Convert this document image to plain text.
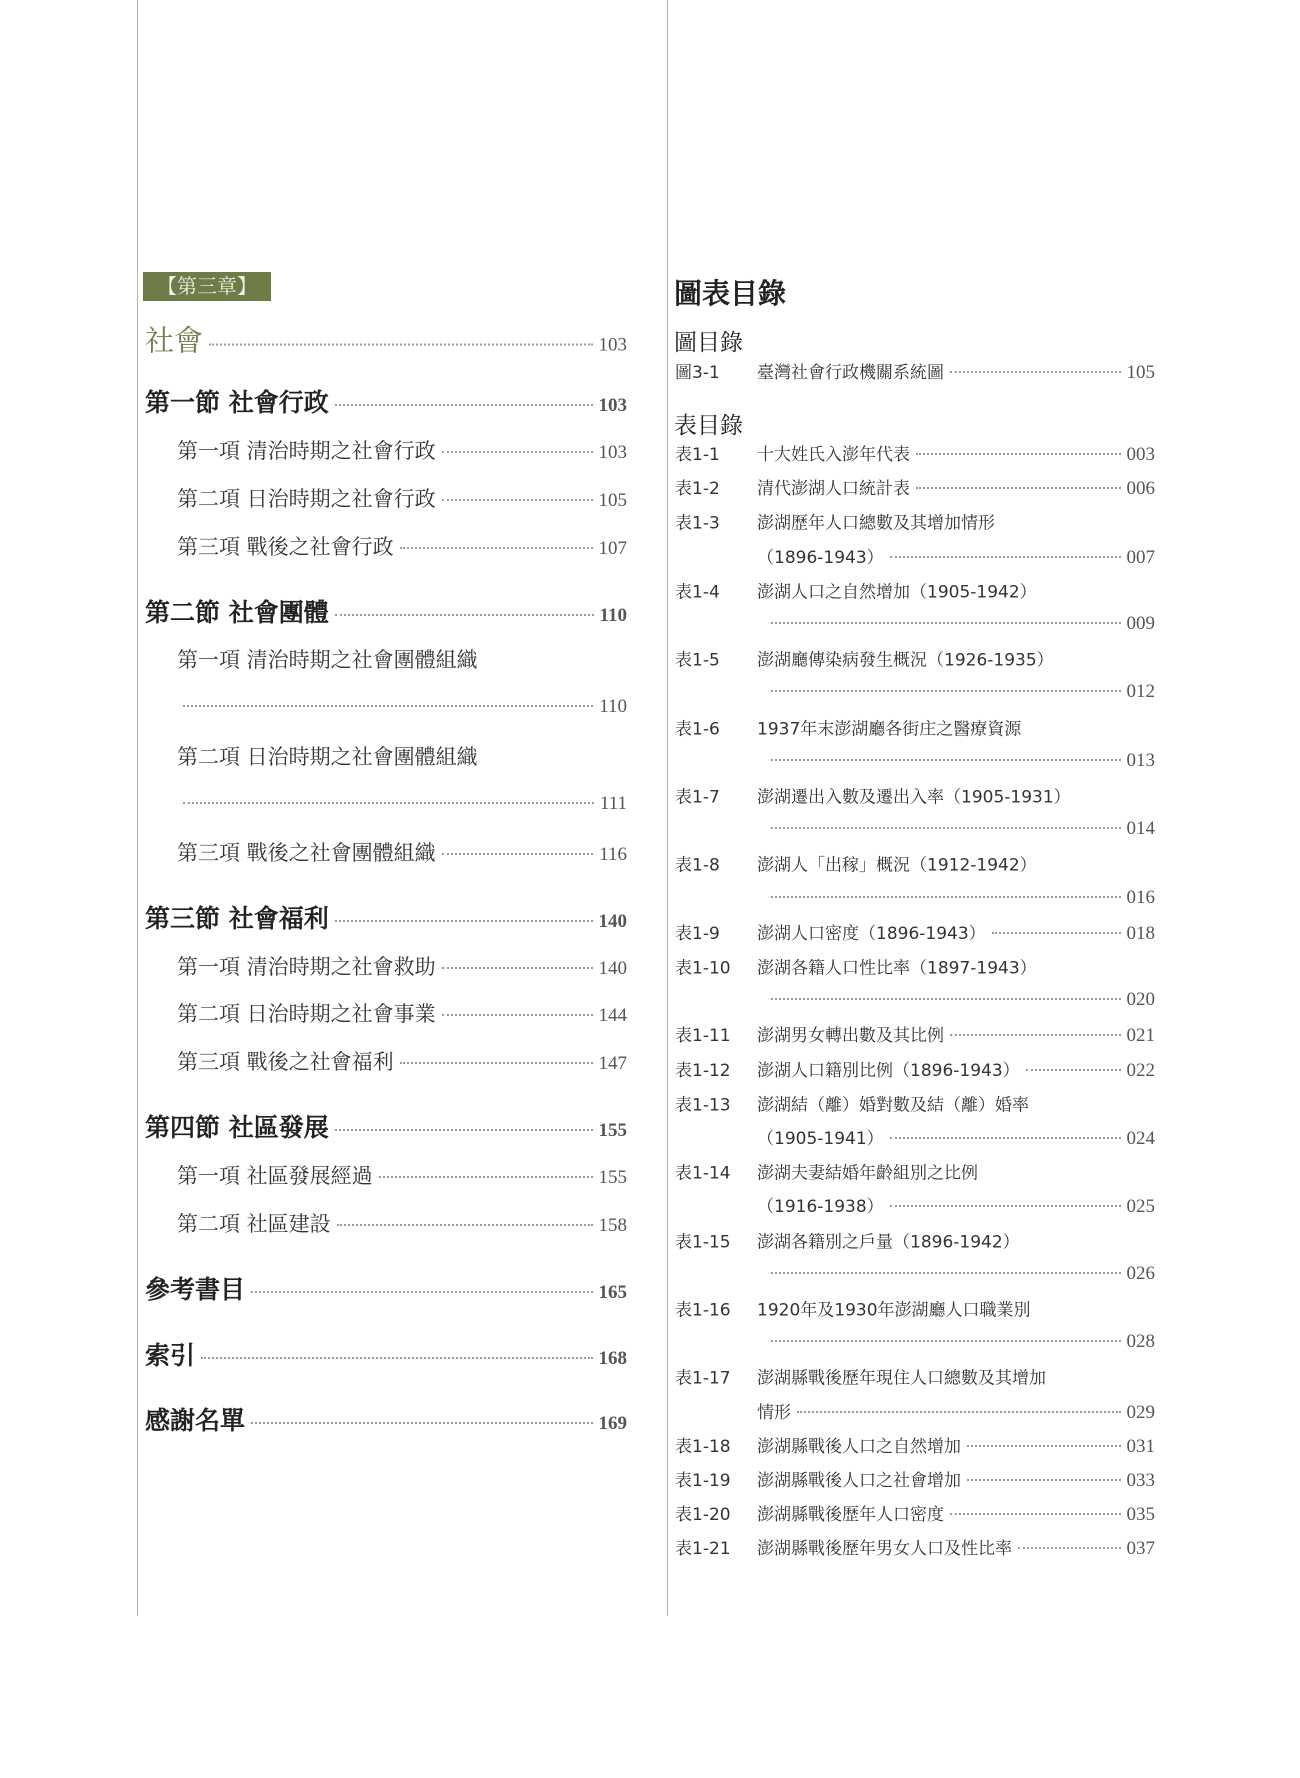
【第三章】
社會	103
第一節 社會行政	103
第一項 清治時期之社會行政	103
第二項 日治時期之社會行政	105
第三項 戰後之社會行政	107
第二節 社會團體	110
第一項 清治時期之社會團體組織
110
第二項 日治時期之社會團體組織
111
第三項 戰後之社會團體組織	116
第三節 社會福利	140
第一項 清治時期之社會救助	140
第二項 日治時期之社會事業	144
第三項 戰後之社會福利	147
第四節 社區發展	155
第一項 社區發展經過	155
第二項 社區建設	158
參考書目	165
索引	168
感謝名單	169
圖表目錄
圖目錄
表目錄
圖3-1	臺灣社會行政機關系統圖	105
表1-1	十大姓氏入澎年代表	003
表1-2	清代澎湖人口統計表	006
表1-3	澎湖歷年人口總數及其增加情形
（1896-1943）	007
表1-4	澎湖人口之自然增加（1905-1942）
009
表1-5	澎湖廳傳染病發生概況（1926-1935）
012
表1-6	1937年末澎湖廳各街庄之醫療資源
013
表1-7	澎湖遷出入數及遷出入率（1905-1931）
014
表1-8	澎湖人「出稼」概況（1912-1942）
016
表1-9	澎湖人口密度（1896-1943）	018
表1-10	澎湖各籍人口性比率（1897-1943）
020
表1-11	澎湖男女轉出數及其比例	021
表1-12	澎湖人口籍別比例（1896-1943）	022
表1-13	澎湖結（離）婚對數及結（離）婚率
（1905-1941）	024
表1-14	澎湖夫妻結婚年齡組別之比例
（1916-1938）	025
表1-15	澎湖各籍別之戶量（1896-1942）
026
表1-16	1920年及1930年澎湖廳人口職業別
028
表1-17	澎湖縣戰後歷年現住人口總數及其增加
情形	029
表1-18	澎湖縣戰後人口之自然增加	031
表1-19	澎湖縣戰後人口之社會增加	033
表1-20	澎湖縣戰後歷年人口密度	035
表1-21	澎湖縣戰後歷年男女人口及性比率	037
